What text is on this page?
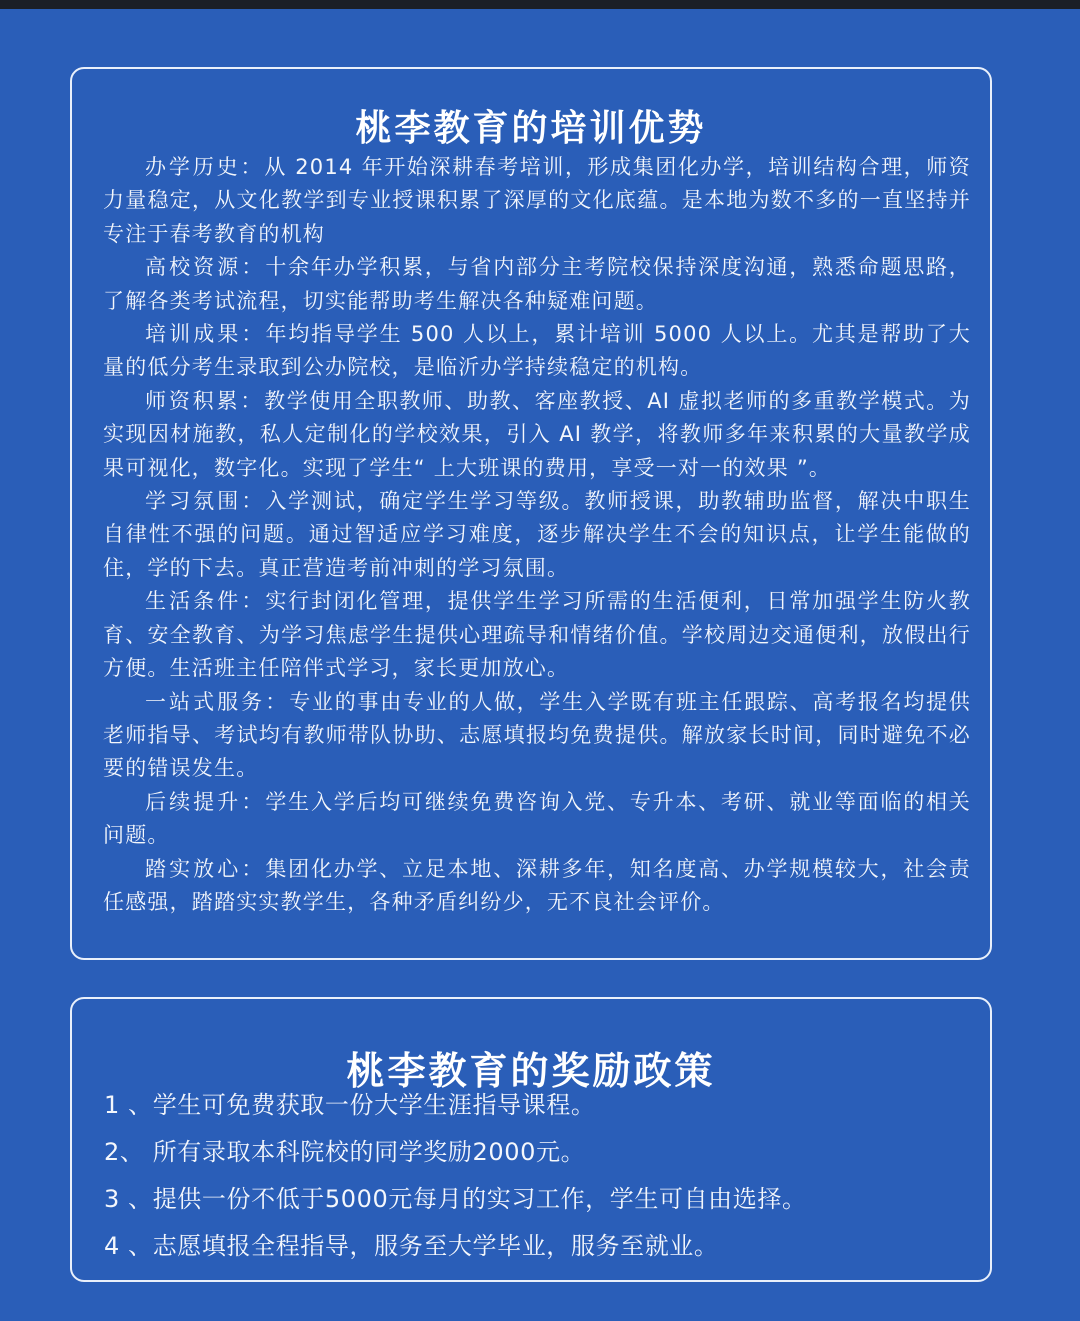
桃李教育的培训优势

办学历史：从 2014 年开始深耕春考培训，形成集团化办学，培训结构合理，师资力量稳定，从文化教学到专业授课积累了深厚的文化底蕴。是本地为数不多的一直坚持并专注于春考教育的机构

高校资源：十余年办学积累，与省内部分主考院校保持深度沟通，熟悉命题思路，了解各类考试流程，切实能帮助考生解决各种疑难问题。

培训成果：年均指导学生 500 人以上，累计培训 5000 人以上。尤其是帮助了大量的低分考生录取到公办院校，是临沂办学持续稳定的机构。

师资积累：教学使用全职教师、助教、客座教授、AI 虚拟老师的多重教学模式。为实现因材施教，私人定制化的学校效果，引入 AI 教学，将教师多年来积累的大量教学成果可视化，数字化。实现了学生“ 上大班课的费用，享受一对一的效果 ”。

学习氛围：入学测试，确定学生学习等级。教师授课，助教辅助监督，解决中职生自律性不强的问题。通过智适应学习难度，逐步解决学生不会的知识点，让学生能做的住，学的下去。真正营造考前冲刺的学习氛围。

生活条件：实行封闭化管理，提供学生学习所需的生活便利，日常加强学生防火教育、安全教育、为学习焦虑学生提供心理疏导和情绪价值。学校周边交通便利，放假出行方便。生活班主任陪伴式学习，家长更加放心。

一站式服务：专业的事由专业的人做，学生入学既有班主任跟踪、高考报名均提供老师指导、考试均有教师带队协助、志愿填报均免费提供。解放家长时间，同时避免不必要的错误发生。

后续提升：学生入学后均可继续免费咨询入党、专升本、考研、就业等面临的相关问题。

踏实放心：集团化办学、立足本地、深耕多年，知名度高、办学规模较大，社会责任感强，踏踏实实教学生，各种矛盾纠纷少，无不良社会评价。

桃李教育的奖励政策
1 、学生可免费获取一份大学生涯指导课程。
2、 所有录取本科院校的同学奖励2000元。
3 、提供一份不低于5000元每月的实习工作，学生可自由选择。
4 、志愿填报全程指导，服务至大学毕业，服务至就业。
